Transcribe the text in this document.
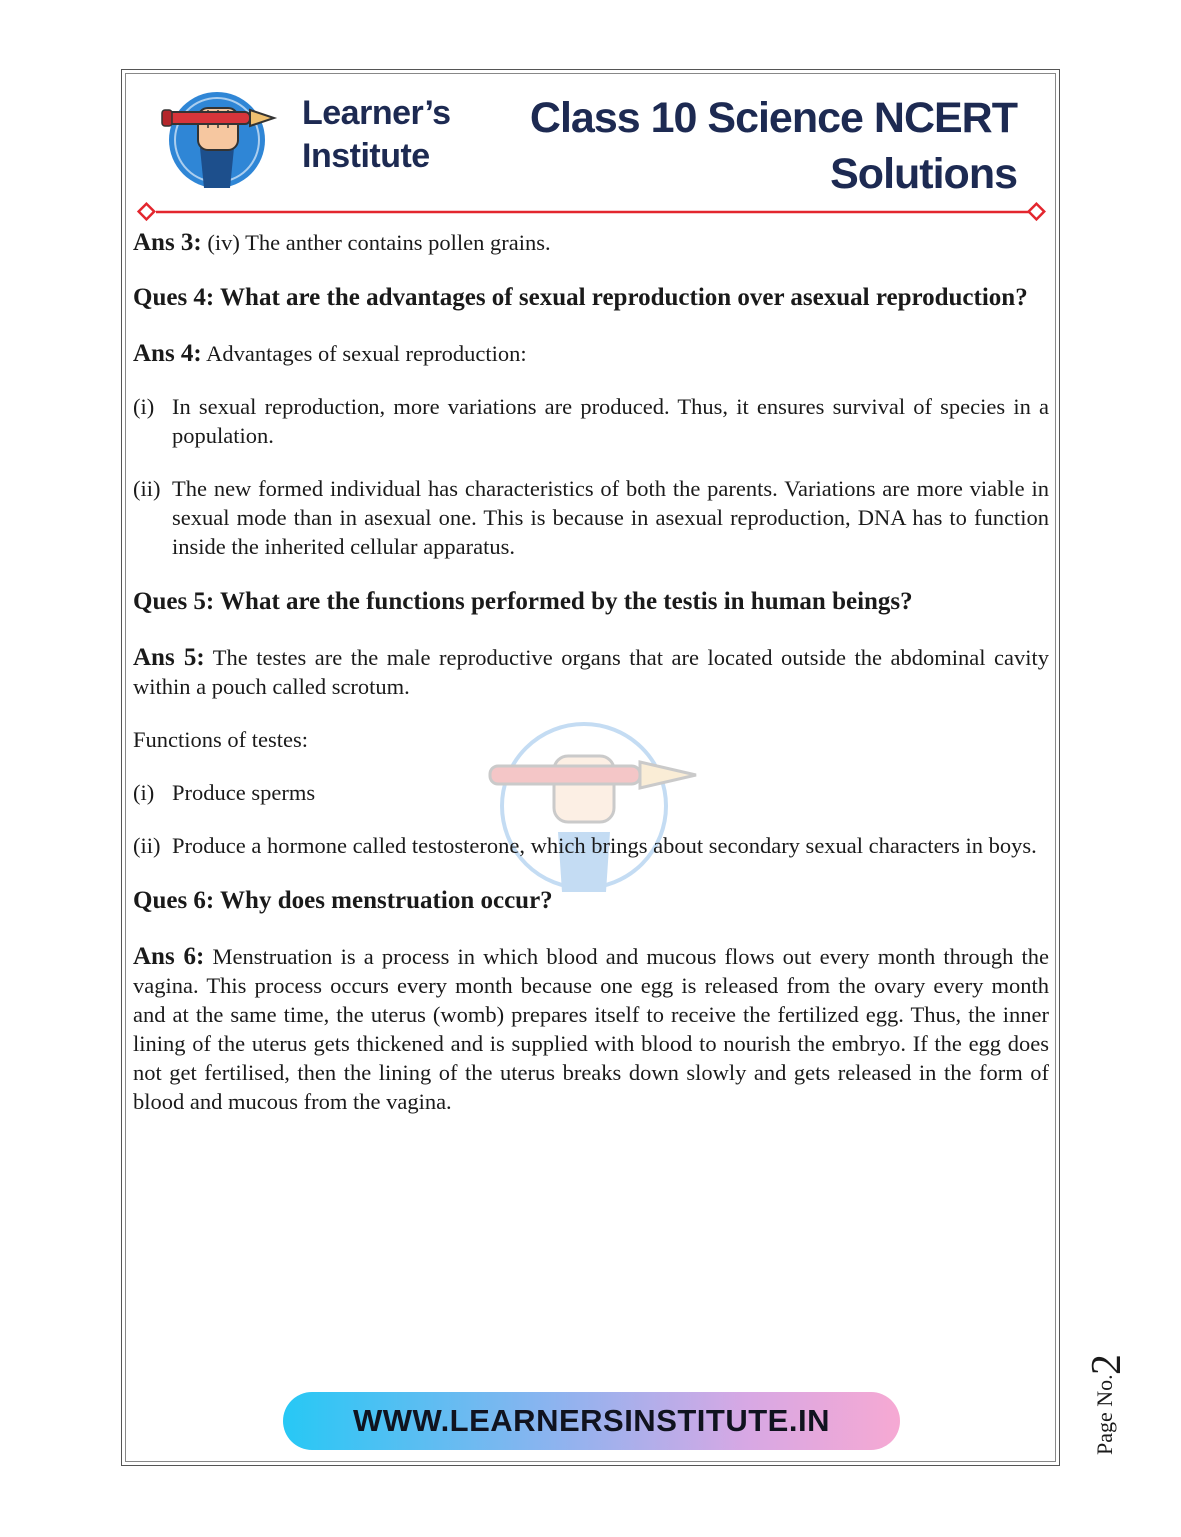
Learner’s
Institute
Class 10 Science NCERT
Solutions

Ans 3: (iv) The anther contains pollen grains.

Ques 4: What are the advantages of sexual reproduction over asexual reproduction?

Ans 4: Advantages of sexual reproduction:

(i) In sexual reproduction, more variations are produced. Thus, it ensures survival of species in a population.
(ii) The new formed individual has characteristics of both the parents. Variations are more viable in sexual mode than in asexual one. This is because in asexual reproduction, DNA has to function inside the inherited cellular apparatus.

Ques 5: What are the functions performed by the testis in human beings?

Ans 5: The testes are the male reproductive organs that are located outside the abdominal cavity within a pouch called scrotum.

Functions of testes:

(i) Produce sperms
(ii) Produce a hormone called testosterone, which brings about secondary sexual characters in boys.

Ques 6: Why does menstruation occur?

Ans 6: Menstruation is a process in which blood and mucous flows out every month through the vagina. This process occurs every month because one egg is released from the ovary every month and at the same time, the uterus (womb) prepares itself to receive the fertilized egg. Thus, the inner lining of the uterus gets thickened and is supplied with blood to nourish the embryo. If the egg does not get fertilised, then the lining of the uterus breaks down slowly and gets released in the form of blood and mucous from the vagina.

WWW.LEARNERSINSTITUTE.IN	Page No.
2
